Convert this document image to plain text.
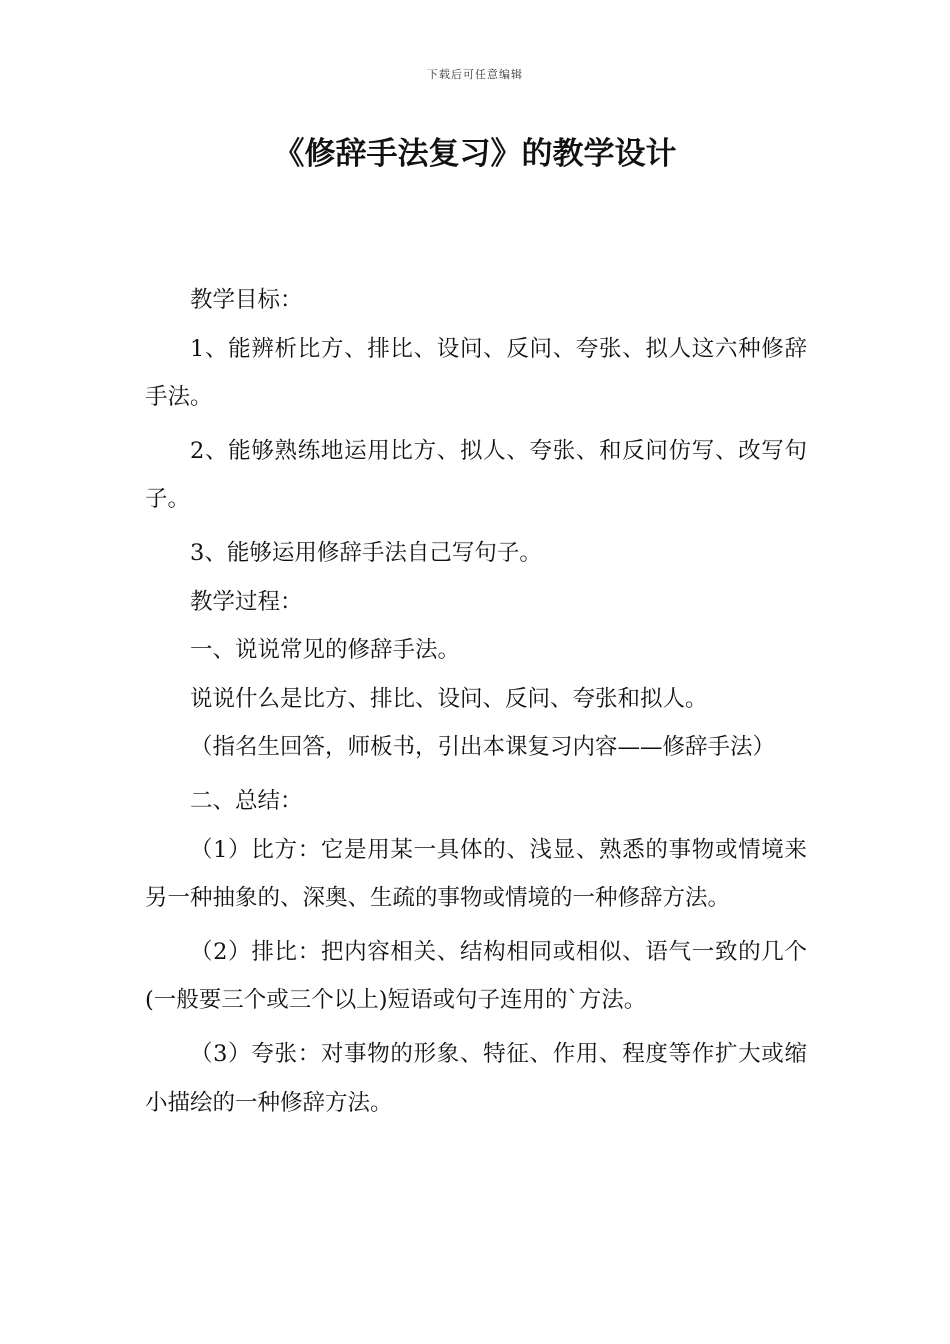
下载后可任意编辑
《修辞手法复习》的教学设计

教学目标：

1、能辨析比方、排比、设问、反问、夸张、拟人这六种修辞手法。

2、能够熟练地运用比方、拟人、夸张、和反问仿写、改写句子。

3、能够运用修辞手法自己写句子。

教学过程：

一、说说常见的修辞手法。

说说什么是比方、排比、设问、反问、夸张和拟人。

（指名生回答，师板书，引出本课复习内容——修辞手法）

二、总结：

（1）比方：它是用某一具体的、浅显、熟悉的事物或情境来另一种抽象的、深奥、生疏的事物或情境的一种修辞方法。

（2）排比：把内容相关、结构相同或相似、语气一致的几个(一般要三个或三个以上)短语或句子连用的`方法。

（3）夸张：对事物的形象、特征、作用、程度等作扩大或缩小描绘的一种修辞方法。
